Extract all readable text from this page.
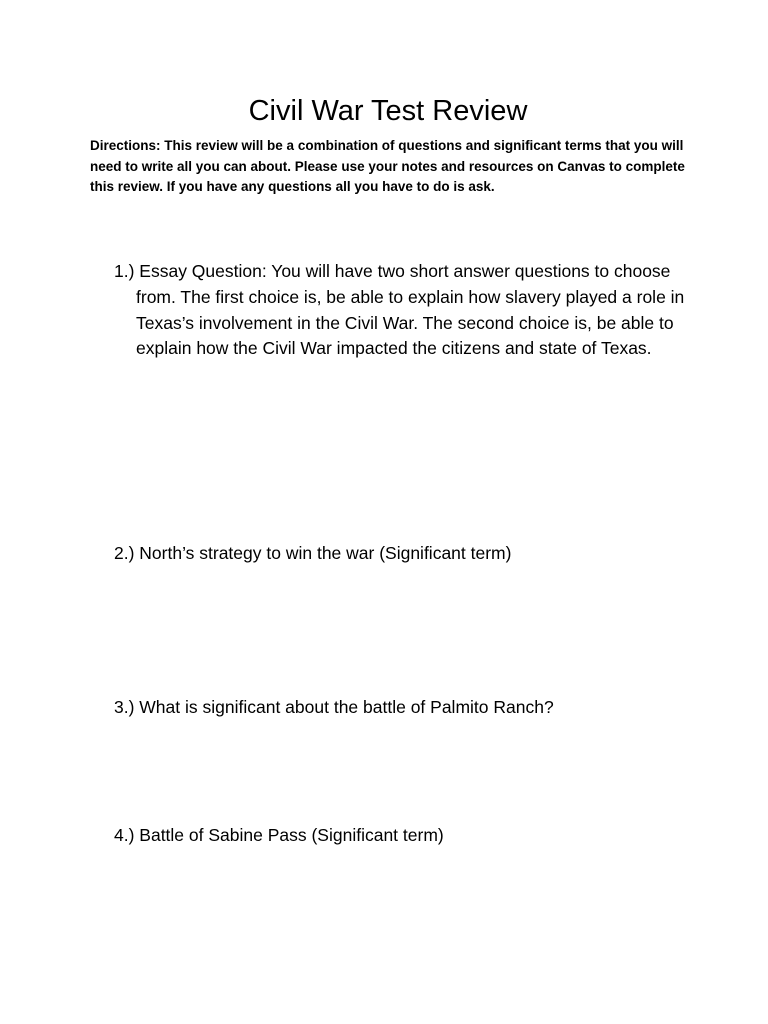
Civil War Test Review

Directions: This review will be a combination of questions and significant terms that you will need to write all you can about. Please use your notes and resources on Canvas to complete this review. If you have any questions all you have to do is ask.

1.) Essay Question: You will have two short answer questions to choose from. The first choice is, be able to explain how slavery played a role in Texas’s involvement in the Civil War. The second choice is, be able to explain how the Civil War impacted the citizens and state of Texas.

2.) North’s strategy to win the war (Significant term)

3.) What is significant about the battle of Palmito Ranch?

4.) Battle of Sabine Pass (Significant term)
